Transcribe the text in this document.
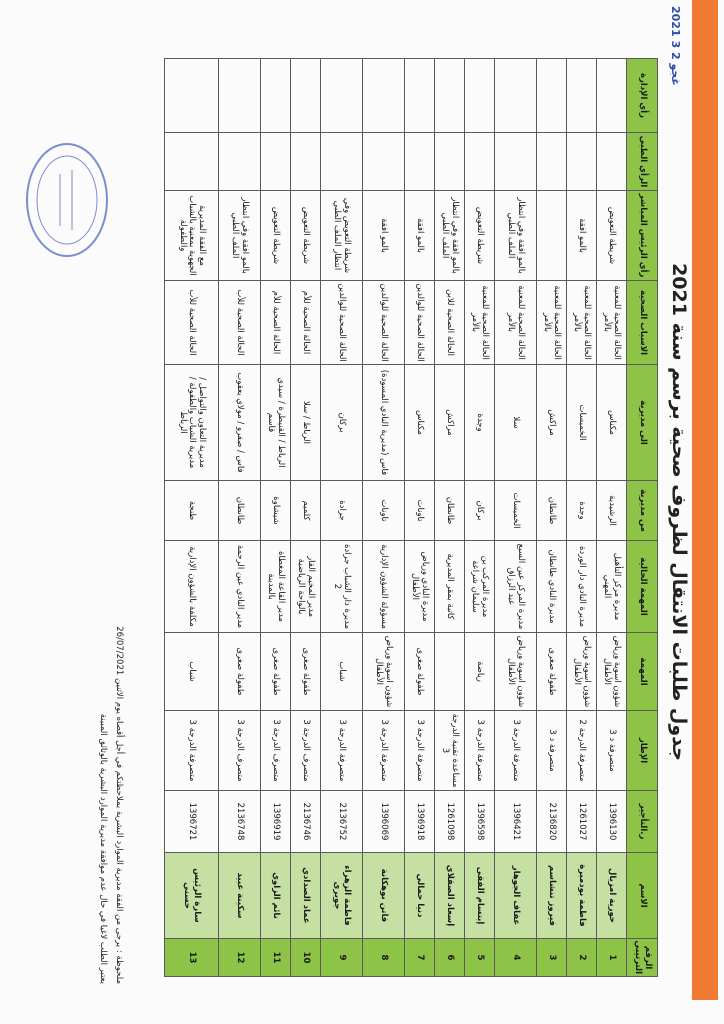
جدول طلبات الانتقال لظروف صحية برسم سنة 2021
2021 غجو 2 3
الرقم الترتيبي	الاسم	ر.التأجير	الإطار	المهمة	المهمة الحالية	من مديرية	الى مديرية	الاسباب الصحية	رأي الرئيس المباشر	الرأي الطبي	رأي الإدارة
1	حورية امزيال	1396130	متصرفة د 3	شؤون اسوية ورياض الأطفال	مديرة مركز التأهيل المهني	الرشيدية	مكناس	الحالة الصحية للمعنية بالأمر	شريطة التعويض		
2	فاطمة بودمبرة	1261027	متصرفة الدرجة 2	شؤون اسوية ورياض الأطفال	مديرة النادي دار الوردة	وجدة	الخميسات	الحالة الصحية للمعنية بالأمر	بالمو افقة		
3	فيروز تنشاسم	2136820	متصرفة د 3	طفولة صغرى	مديرة النادي طانطان	طانطان	مراكش	الحالة الصحية للمعنية بالأمر			
4	عفاف الجوهار	1396421	متصرفة الدرجة 3	شؤون اسوية ورياض الأطفال	مديرة المركز عين السبع عبد الرزاق	الخميسات	سلا	الحالة الصحية للمعنية بالأمر	بالمو افقة وفي انتظار الملف الطبي		
5	إبتسام الفقى	1396598	متصرفة الدرجة 3	رياضة	مديرة المركب بن سليمان شراعة	بركان	وجدة	الحالة الصحية للمعنية بالأمر	شريطة التعويض		
6	إسعاد الصقلاي	1261098	مساعدة تقنية الدرجة 3		كاتبة بمقر المديرية	طانطان	مراكش	الحالة الصحية للابن	بالمو افقة وفي انتظار الملف الطبي		
7	دنيا حمالي	1396918	متصرفة الدرجة 3	طفولة صغرى	مديرة النادي ورياض الأطفال	تاونات	مكناس	الحالة الصحية للوالدين	بالمو افقة		
8	فاتن بوهكانة	1396069	متصرفة الدرجة 3	شؤون اسوية ورياض الأطفال	مسؤولة الشؤون الإدارية	تاونات	فاس (مديرية النادي المسودة)	الحالة الصحية للوالدين	بالمو افقة		
9	فاطمة الزهراء جويرى	2136752	متصرفة الدرجة 3	شباب	مديرة دار الشباب جرادة 2	جرادة	بركان	الحالة الصحية للوالدين	شريطة التعويض وفي انتظار الملف الطبي		
10	عماد الصدادي	2136746	متصرف الدرجة 3	طفولة صغرى	مدير المخيم القار بالواحة الرياضية	كلميم	الرباط / سلا	الحالة الصحية للأم	شريطة التعويض		
11	نائم الزاوي	1396919	متصرف الدرجة 3	طفولة صغرى	مدير القاعة المغطاة بالمدينة	شيشاوة	الرباط / القنيطرة / سيدي قاسم	الحالة الصحية للأم	شريطة التعويض		
12	سكينة عبيد	2136748	متصرف الدرجة 3	طفولة صغرى	مدير النادي عين الرحمة	طانطان	فاس / صفرو / مولاي يعقوب	الحالة الصحية للأب	بالمو افقة وفي انتظار الملف الطبي		
13	سارة الرئيس حسني	1396721	متصرفة الدرجة 3	شباب	مكلفة بالشؤون الإدارية	طنجة	مديرية التعاون والتواصل / مديرية الشباب والطفولة / الرباط	الحالة الصحية للأب	مع الفقة المديرية الجهوية بمعنية بالشباب والطفولة		
ملحوظة : يرجى من الفقة مديرية الموارد البشرية بملاحظتكم في أجل أقصاه يوم الاثنين 26/07/2021
يعتبر الطلب لاغيا في حال عدم موافقة مديرية الموارد البشرية بالوثائق المبينة
